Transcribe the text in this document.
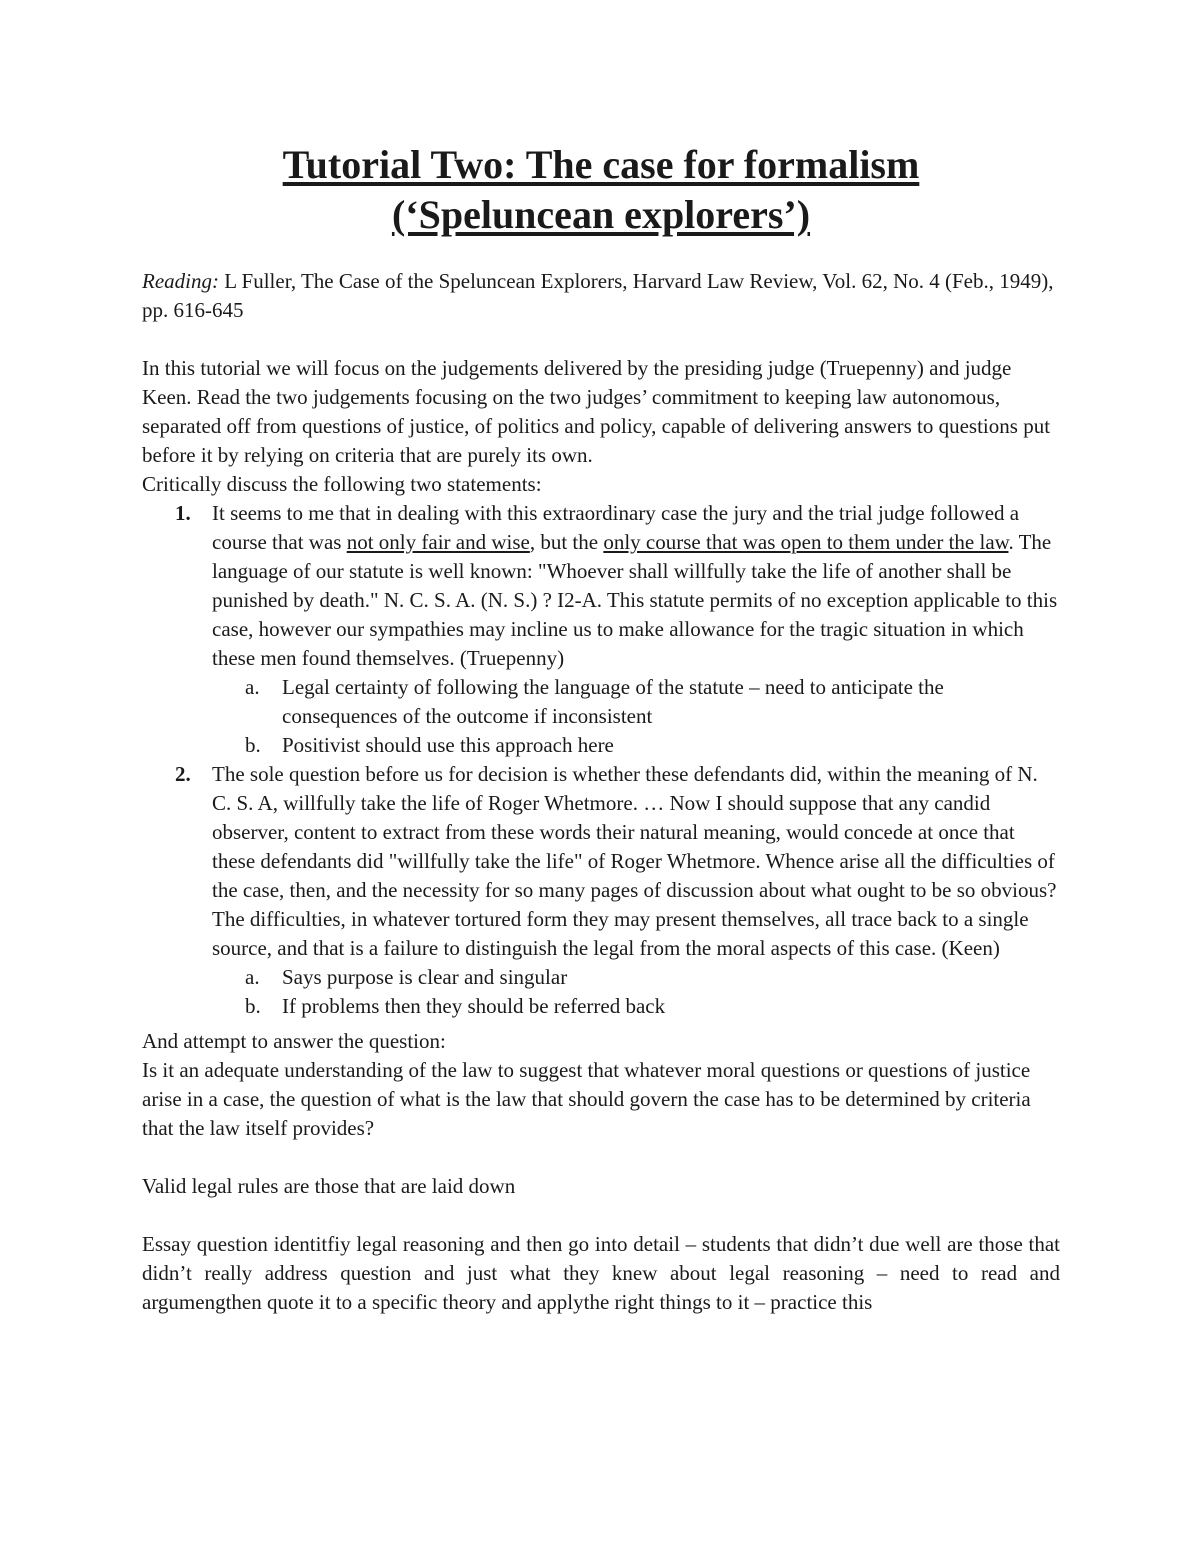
Tutorial Two: The case for formalism
(‘Speluncean explorers’)

Reading: L Fuller, The Case of the Speluncean Explorers, Harvard Law Review, Vol. 62, No. 4 (Feb., 1949), pp. 616-645

In this tutorial we will focus on the judgements delivered by the presiding judge (Truepenny) and judge Keen. Read the two judgements focusing on the two judges’ commitment to keeping law autonomous, separated off from questions of justice, of politics and policy, capable of delivering answers to questions put before it by relying on criteria that are purely its own.

Critically discuss the following two statements:

1. It seems to me that in dealing with this extraordinary case the jury and the trial judge followed a course that was not only fair and wise, but the only course that was open to them under the law. The language of our statute is well known: "Whoever shall willfully take the life of another shall be punished by death." N. C. S. A. (N. S.) ? I2-A. This statute permits of no exception applicable to this case, however our sympathies may incline us to make allowance for the tragic situation in which these men found themselves. (Truepenny)
a. Legal certainty of following the language of the statute – need to anticipate the consequences of the outcome if inconsistent
b. Positivist should use this approach here
2. The sole question before us for decision is whether these defendants did, within the meaning of N. C. S. A, willfully take the life of Roger Whetmore. … Now I should suppose that any candid observer, content to extract from these words their natural meaning, would concede at once that these defendants did "willfully take the life" of Roger Whetmore. Whence arise all the difficulties of the case, then, and the necessity for so many pages of discussion about what ought to be so obvious? The difficulties, in whatever tortured form they may present themselves, all trace back to a single source, and that is a failure to distinguish the legal from the moral aspects of this case. (Keen)
a. Says purpose is clear and singular
b. If problems then they should be referred back

And attempt to answer the question:

Is it an adequate understanding of the law to suggest that whatever moral questions or questions of justice arise in a case, the question of what is the law that should govern the case has to be determined by criteria that the law itself provides?

Valid legal rules are those that are laid down

Essay question identitfiy legal reasoning and then go into detail – students that didn’t due well are those that didn’t really address question and just what they knew about legal reasoning – need to read and argumengthen quote it to a specific theory and applythe right things to it – practice this
